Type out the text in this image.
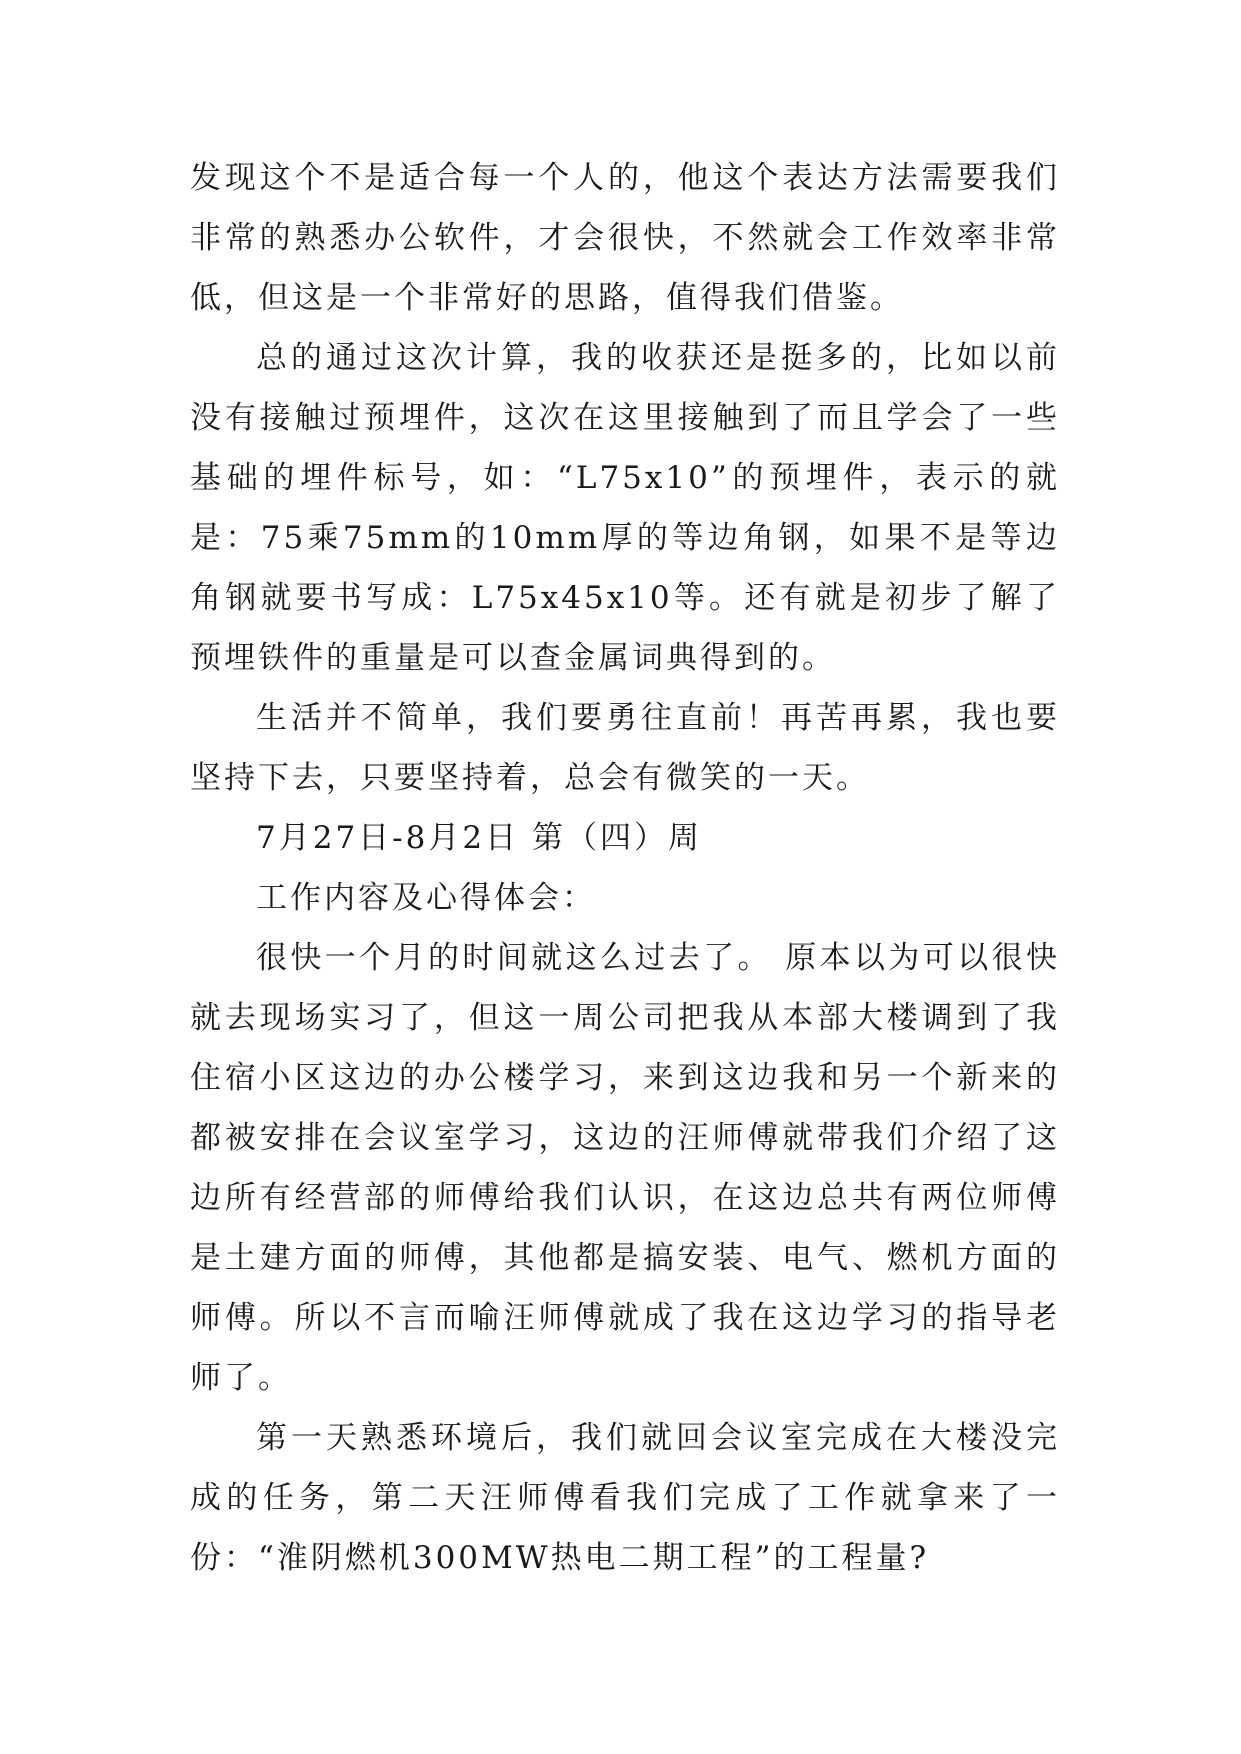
发现这个不是适合每一个人的，他这个表达方法需要我们非常的熟悉办公软件，才会很快，不然就会工作效率非常低，但这是一个非常好的思路，值得我们借鉴。

总的通过这次计算，我的收获还是挺多的，比如以前没有接触过预埋件，这次在这里接触到了而且学会了一些基础的埋件标号，如：“L75x10”的预埋件，表示的就是：75乘75mm的10mm厚的等边角钢，如果不是等边角钢就要书写成：L75x45x10等。还有就是初步了解了预埋铁件的重量是可以查金属词典得到的。

生活并不简单，我们要勇往直前！再苦再累，我也要坚持下去，只要坚持着，总会有微笑的一天。

7月27日-8月2日 第（四）周

工作内容及心得体会：

很快一个月的时间就这么过去了。 原本以为可以很快就去现场实习了，但这一周公司把我从本部大楼调到了我住宿小区这边的办公楼学习，来到这边我和另一个新来的都被安排在会议室学习，这边的汪师傅就带我们介绍了这边所有经营部的师傅给我们认识，在这边总共有两位师傅是土建方面的师傅，其他都是搞安装、电气、燃机方面的师傅。所以不言而喻汪师傅就成了我在这边学习的指导老师了。

第一天熟悉环境后，我们就回会议室完成在大楼没完成的任务，第二天汪师傅看我们完成了工作就拿来了一份：“淮阴燃机300MW热电二期工程”的工程量?
